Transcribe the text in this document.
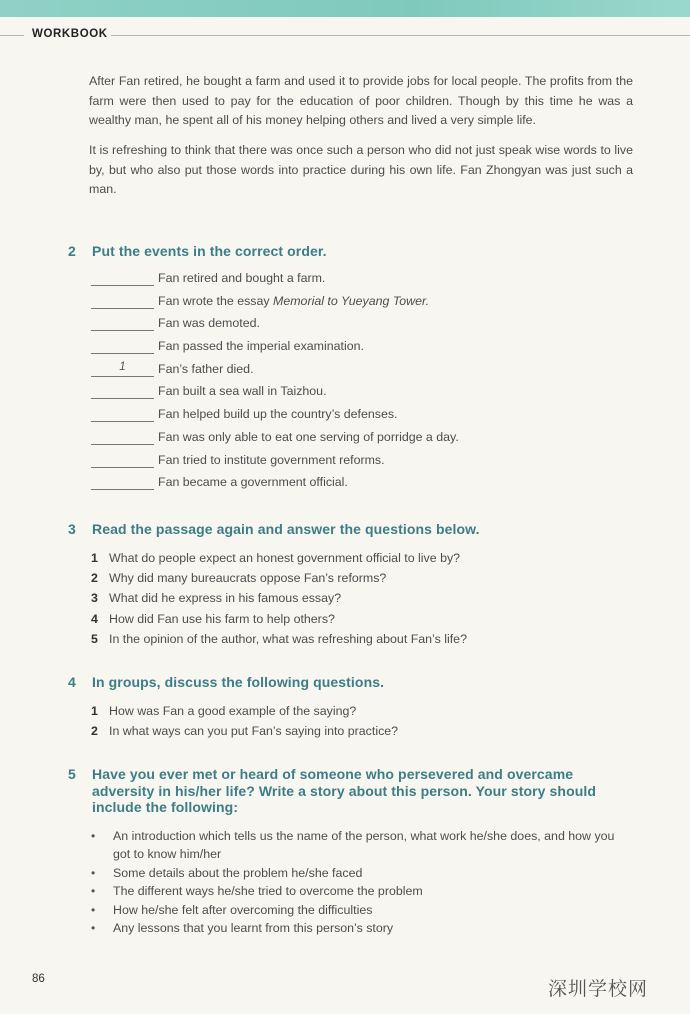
WORKBOOK

After Fan retired, he bought a farm and used it to provide jobs for local people. The profits from the farm were then used to pay for the education of poor children. Though by this time he was a wealthy man, he spent all of his money helping others and lived a very simple life.

It is refreshing to think that there was once such a person who did not just speak wise words to live by, but who also put those words into practice during his own life. Fan Zhongyan was just such a man.

2 Put the events in the correct order.
Fan retired and bought a farm.
Fan wrote the essay Memorial to Yueyang Tower.
Fan was demoted.
Fan passed the imperial examination.
1	Fan’s father died.
Fan built a sea wall in Taizhou.
Fan helped build up the country’s defenses.
Fan was only able to eat one serving of porridge a day.
Fan tried to institute government reforms.
Fan became a government official.
3 Read the passage again and answer the questions below.
1 What do people expect an honest government official to live by?
2 Why did many bureaucrats oppose Fan’s reforms?
3 What did he express in his famous essay?
4 How did Fan use his farm to help others?
5 In the opinion of the author, what was refreshing about Fan’s life?
4 In groups, discuss the following questions.
1 How was Fan a good example of the saying?
2 In what ways can you put Fan’s saying into practice?
5 Have you ever met or heard of someone who persevered and overcame adversity in his/her life? Write a story about this person. Your story should include the following:
• An introduction which tells us the name of the person, what work he/she does, and how you got to know him/her
• Some details about the problem he/she faced
• The different ways he/she tried to overcome the problem
• How he/she felt after overcoming the difficulties
• Any lessons that you learnt from this person’s story
86	深圳学校网
